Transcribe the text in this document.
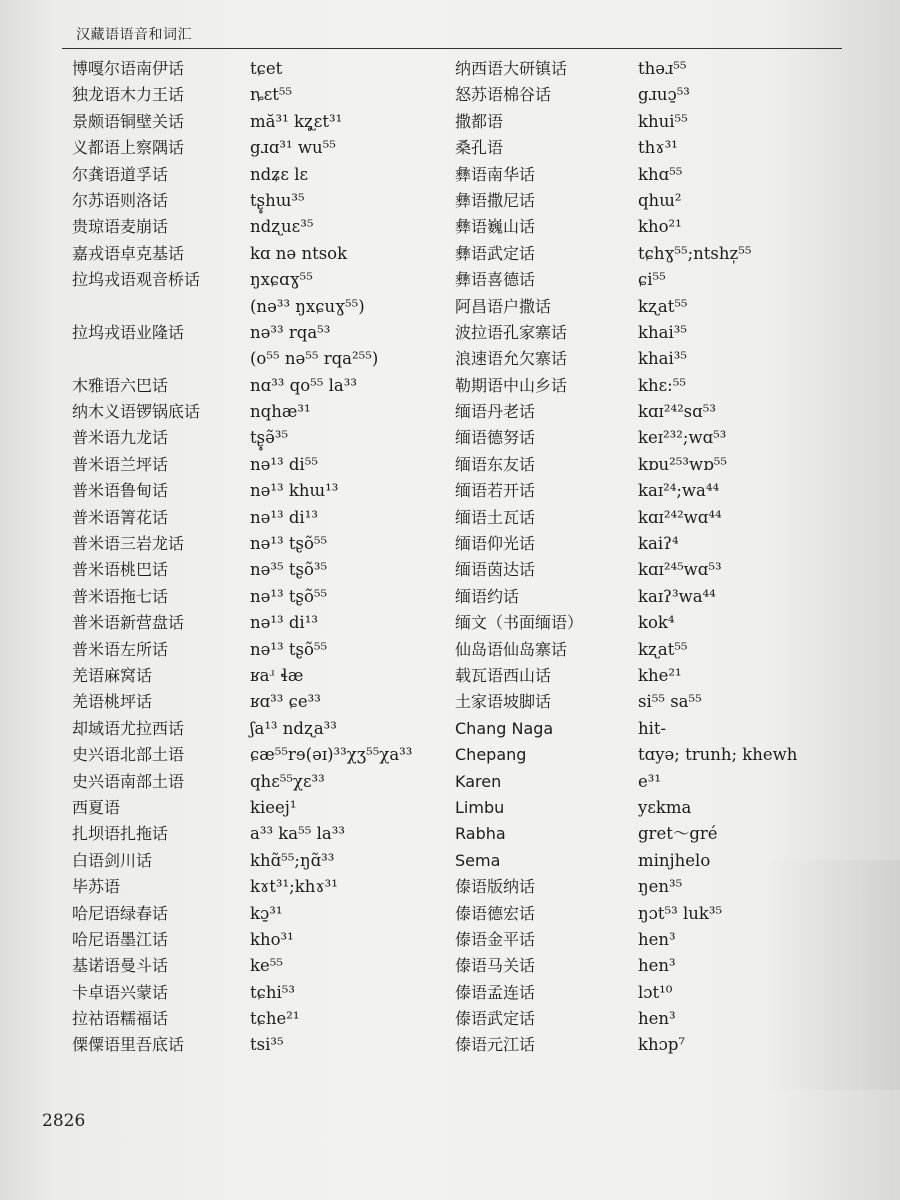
汉藏语语音和词汇
博嘎尔语南伊话	tɕet
独龙语木力王话	ȵɛt⁵⁵
景颇语铜壁关话	mă³¹ kʐ̥ɛt³¹
义都语上察隅话	gɹɑ³¹ wu⁵⁵
尔龚语道孚话	ndʑɛ lɛ
尔苏语则洛话	tʂ̥hɯ³⁵
贵琼语麦崩话	ndʐuɛ³⁵
嘉戎语卓克基话	kɑ nə ntsok
拉坞戎语观音桥话	ŋxɕɑɣ⁵⁵
(nə³³ ŋxɕuɣ⁵⁵)
拉坞戎语业隆话	nə³³ rqa⁵³
(o⁵⁵ nə⁵⁵ rqa²⁵⁵)
木雅语六巴话	nɑ³³ qo⁵⁵ la³³
纳木义语锣锅底话	nqhæ³¹
普米语九龙话	tʂ̥ə̃³⁵
普米语兰坪话	nə¹³ di⁵⁵
普米语鲁甸话	nə¹³ khɯ¹³
普米语箐花话	nə¹³ di¹³
普米语三岩龙话	nə¹³ tʂõ⁵⁵
普米语桃巴话	nə³⁵ tʂõ³⁵
普米语拖七话	nə¹³ tʂõ⁵⁵
普米语新营盘话	nə¹³ di¹³
普米语左所话	nə¹³ tʂõ⁵⁵
羌语麻窝话	ʁaʴ ɬæ
羌语桃坪话	ʁɑ³³ ɕe³³
却域语尤拉西话	ʃa¹³ ndʐa³³
史兴语北部土语	ɕæ⁵⁵rɘ(əɪ)³³χʒ⁵⁵χa³³
史兴语南部土语	qhɛ⁵⁵χɛ³³
西夏语	kieej¹
扎坝语扎拖话	a³³ ka⁵⁵ la³³
白语剑川话	khɑ̃⁵⁵;ŋɑ̃³³
毕苏语	kɤt³¹;khɤ³¹
哈尼语绿春话	kɔ̱³¹
哈尼语墨江话	kho³¹
基诺语曼斗话	ke⁵⁵
卡卓语兴蒙话	tɕhi⁵³
拉祜语糯福话	tɕhe²¹
傈僳语里吾底话	tsi³⁵
纳西语大研镇话	thəɹ⁵⁵
怒苏语棉谷话	gɹuɔ̱⁵³
撒都语	khui⁵⁵
桑孔语	thɤ³¹
彝语南华话	khɑ⁵⁵
彝语撒尼话	qhɯ²
彝语巍山话	kho²¹
彝语武定话	tɕhɣ⁵⁵;ntshz̩⁵⁵
彝语喜德话	ɕi⁵⁵
阿昌语户撒话	kʐat⁵⁵
波拉语孔家寨话	khai³⁵
浪速语允欠寨话	khai³⁵
勒期语中山乡话	khɛ:⁵⁵
缅语丹老话	kɑɪ²⁴²sɑ⁵³
缅语德努话	keɪ²³²;wɑ⁵³
缅语东友话	kɒu²⁵³wɒ⁵⁵
缅语若开话	kaɪ²⁴;wa⁴⁴
缅语土瓦话	kɑɪ²⁴²wɑ⁴⁴
缅语仰光话	kaiʔ⁴
缅语茵达话	kɑɪ²⁴⁵wɑ⁵³
缅语约话	kaɪʔ³wa⁴⁴
缅文（书面缅语）	kok⁴
仙岛语仙岛寨话	kʐat⁵⁵
载瓦语西山话	khe²¹
土家语坡脚话	si⁵⁵ sa⁵⁵
Chang Naga	hit-
Chepang	tɑyə; trunh; khewh
Karen	e³¹
Limbu	yɛkma
Rabha	gret～gré
Sema	minjhelo
傣语版纳话	ŋen³⁵
傣语德宏话	ŋɔt⁵³ luk³⁵
傣语金平话	hen³
傣语马关话	hen³
傣语孟连话	lɔt¹⁰
傣语武定话	hen³
傣语元江话	khɔp⁷
2826
